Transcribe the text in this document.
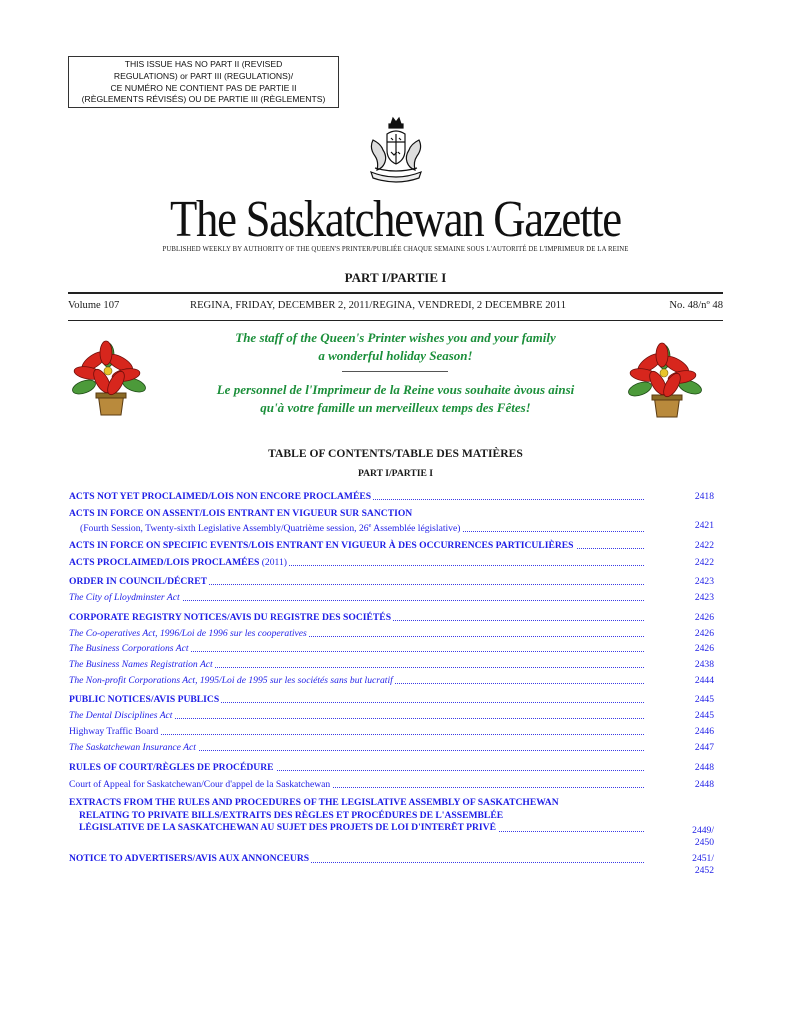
THIS ISSUE HAS NO PART II (REVISED
REGULATIONS) or PART III (REGULATIONS)/
CE NUMÉRO NE CONTIENT PAS DE PARTIE II
(RÈGLEMENTS RÉVISÉS) OU DE PARTIE III (RÈGLEMENTS)
The Saskatchewan Gazette
PUBLISHED WEEKLY BY AUTHORITY OF THE QUEEN'S PRINTER/PUBLIÉE CHAQUE SEMAINE SOUS L'AUTORITÉ DE L'IMPRIMEUR DE LA REINE
PART I/PARTIE I
Volume 107	REGINA, FRIDAY, DECEMBER 2, 2011/REGINA, VENDREDI, 2 DECEMBRE 2011	No. 48/nº 48
The staff of the Queen's Printer wishes you and your family
a wonderful holiday Season!
Le personnel de l'Imprimeur de la Reine vous souhaite àvous ainsi
qu'à votre famille un merveilleux temps des Fêtes!
TABLE OF CONTENTS/TABLE DES MATIÈRES
PART I/PARTIE I
ACTS NOT YET PROCLAIMED/LOIS NON ENCORE PROCLAMÉES	2418
ACTS IN FORCE ON ASSENT/LOIS ENTRANT EN VIGUEUR SUR SANCTION
(Fourth Session, Twenty-sixth Legislative Assembly/Quatrième session, 26e Assemblée législative)	2421
ACTS IN FORCE ON SPECIFIC EVENTS/LOIS ENTRANT EN VIGUEUR À DES OCCURRENCES PARTICULIÈRES	2422
ACTS PROCLAIMED/LOIS PROCLAMÉES (2011)	2422
ORDER IN COUNCIL/DÉCRET	2423
The City of Lloydminster Act	2423
CORPORATE REGISTRY NOTICES/AVIS DU REGISTRE DES SOCIÉTÉS	2426
The Co-operatives Act, 1996/Loi de 1996 sur les cooperatives	2426
The Business Corporations Act	2426
The Business Names Registration Act	2438
The Non-profit Corporations Act, 1995/Loi de 1995 sur les sociétés sans but lucratif	2444
PUBLIC NOTICES/AVIS PUBLICS	2445
The Dental Disciplines Act	2445
Highway Traffic Board	2446
The Saskatchewan Insurance Act	2447
RULES OF COURT/RÈGLES DE PROCÉDURE	2448
Court of Appeal for Saskatchewan/Cour d'appel de la Saskatchewan	2448
EXTRACTS FROM THE RULES AND PROCEDURES OF THE LEGISLATIVE ASSEMBLY OF SASKATCHEWAN
RELATING TO PRIVATE BILLS/EXTRAITS DES RÈGLES ET PROCÉDURES DE L'ASSEMBLÉE
LÉGISLATIVE DE LA SASKATCHEWAN AU SUJET DES PROJETS DE LOI D'INTERÊT PRIVÉ	2449/
2450
NOTICE TO ADVERTISERS/AVIS AUX ANNONCEURS	2451/
2452
